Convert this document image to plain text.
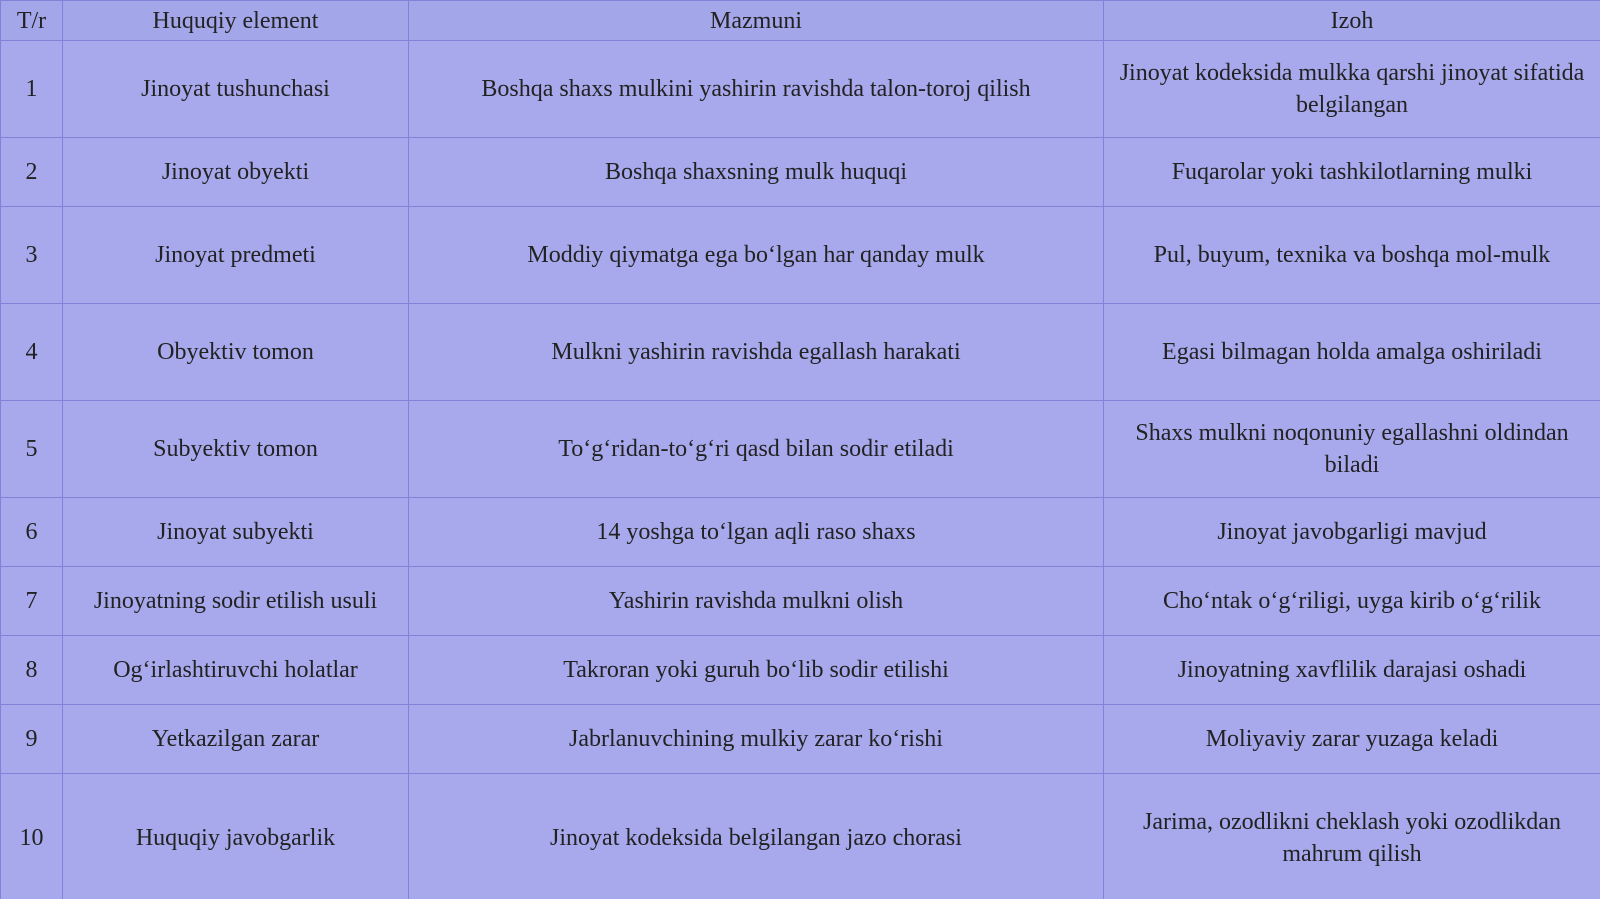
T/r	Huquqiy element	Mazmuni	Izoh
1	Jinoyat tushunchasi	Boshqa shaxs mulkini yashirin ravishda talon-toroj qilish	Jinoyat kodeksida mulkka qarshi jinoyat sifatida belgilangan
2	Jinoyat obyekti	Boshqa shaxsning mulk huquqi	Fuqarolar yoki tashkilotlarning mulki
3	Jinoyat predmeti	Moddiy qiymatga ega bo‘lgan har qanday mulk	Pul, buyum, texnika va boshqa mol-mulk
4	Obyektiv tomon	Mulkni yashirin ravishda egallash harakati	Egasi bilmagan holda amalga oshiriladi
5	Subyektiv tomon	To‘g‘ridan-to‘g‘ri qasd bilan sodir etiladi	Shaxs mulkni noqonuniy egallashni oldindan biladi
6	Jinoyat subyekti	14 yoshga to‘lgan aqli raso shaxs	Jinoyat javobgarligi mavjud
7	Jinoyatning sodir etilish usuli	Yashirin ravishda mulkni olish	Cho‘ntak o‘g‘riligi, uyga kirib o‘g‘rilik
8	Og‘irlashtiruvchi holatlar	Takroran yoki guruh bo‘lib sodir etilishi	Jinoyatning xavflilik darajasi oshadi
9	Yetkazilgan zarar	Jabrlanuvchining mulkiy zarar ko‘rishi	Moliyaviy zarar yuzaga keladi
10	Huquqiy javobgarlik	Jinoyat kodeksida belgilangan jazo chorasi	Jarima, ozodlikni cheklash yoki ozodlikdan mahrum qilish
